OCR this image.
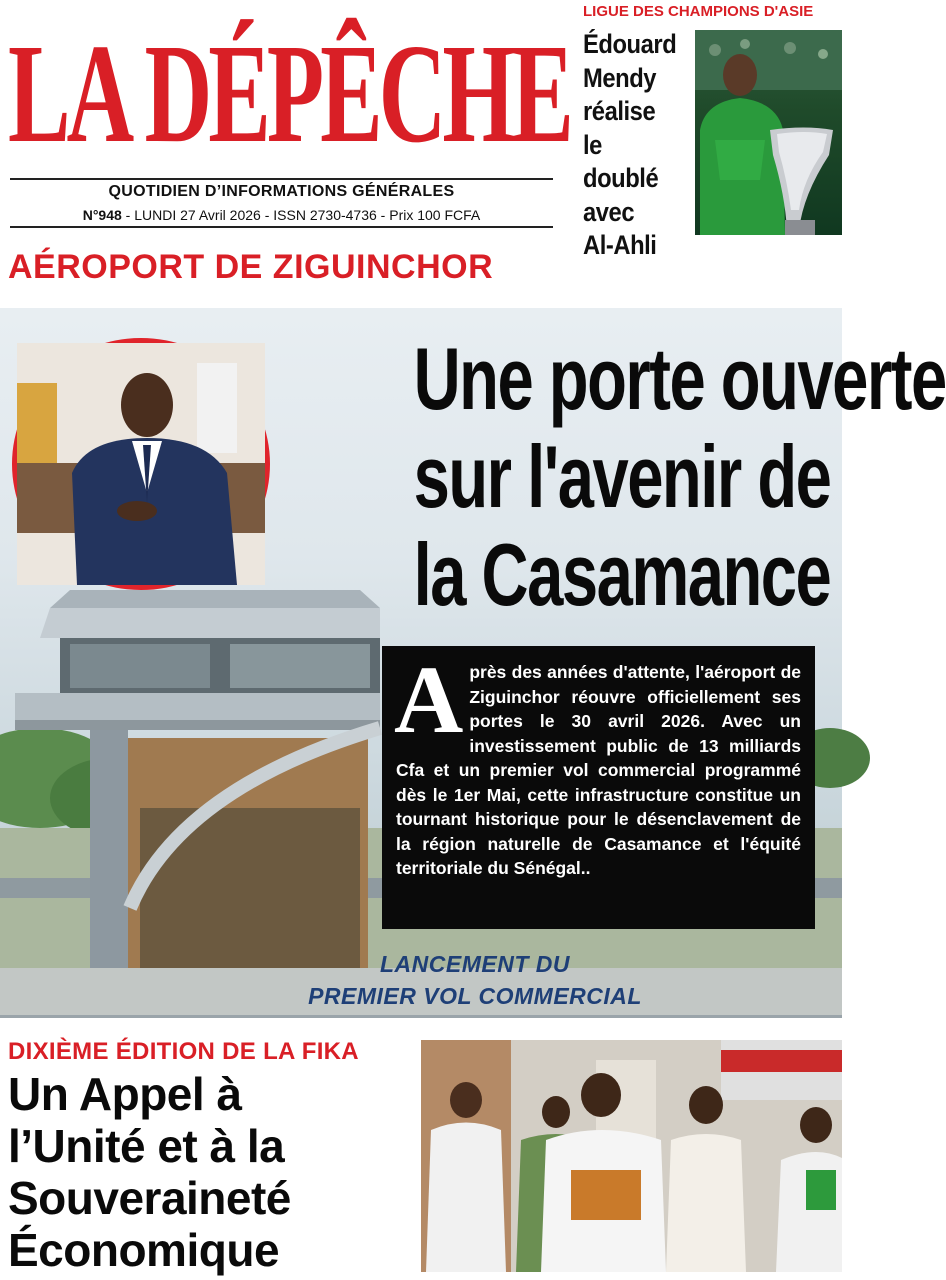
LA DÉPÊCHE
QUOTIDIEN D’INFORMATIONS GÉNÉRALES
N°948 - LUNDI 27 Avril 2026 - ISSN 2730-4736 - Prix 100 FCFA
LIGUE DES CHAMPIONS D'ASIE
Édouard
Mendy
réalise
le doublé
avec
Al-Ahli
AÉROPORT DE ZIGUINCHOR
Une porte ouverte
sur l'avenir de
la Casamance
Après des années d'attente, l'aéroport de Ziguinchor réouvre officiellement ses portes le 30 avril 2026. Avec un investissement public de 13 milliards Cfa et un premier vol commercial programmé dès le 1er Mai, cette infrastructure constitue un tournant historique pour le désenclavement de la région naturelle de Casamance et l'équité territoriale du Sénégal..
LANCEMENT DU
PREMIER VOL COMMERCIAL
DIXIÈME ÉDITION DE LA FIKA
Un Appel à
l’Unité et à la
Souveraineté
Économique
